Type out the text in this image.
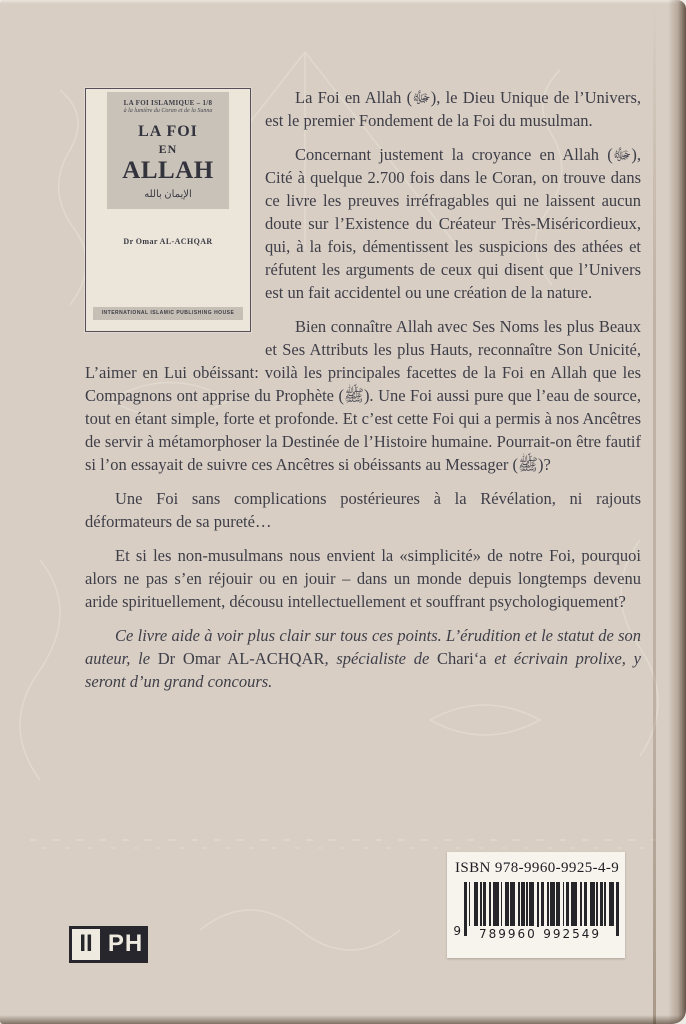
LA FOI ISLAMIQUE – 1/8
à la lumière du Coran et de la Sunna
LA FOI
EN
ALLAH
الإيمان بالله
Dr Omar AL-ACHQAR
INTERNATIONAL ISLAMIC PUBLISHING HOUSE

La Foi en Allah (ﷻ), le Dieu Unique de l’Univers, est le premier Fondement de la Foi du musulman.

Concernant justement la croyance en Allah (ﷻ), Cité à quelque 2.700 fois dans le Coran, on trouve dans ce livre les preuves irréfragables qui ne laissent aucun doute sur l’Existence du Créateur Très-Miséricordieux, qui, à la fois, démentissent les suspicions des athées et réfutent les arguments de ceux qui disent que l’Univers est un fait accidentel ou une création de la nature.

Bien connaître Allah avec Ses Noms les plus Beaux et Ses Attributs les plus Hauts, reconnaître Son Unicité, L’aimer en Lui obéissant: voilà les principales facettes de la Foi en Allah que les Compagnons ont apprise du Prophète (ﷺ). Une Foi aussi pure que l’eau de source, tout en étant simple, forte et profonde. Et c’est cette Foi qui a permis à nos Ancêtres de servir à métamorphoser la Destinée de l’Histoire humaine. Pourrait-on être fautif si l’on essayait de suivre ces Ancêtres si obéissants au Messager (ﷺ)?

Une Foi sans complications postérieures à la Révélation, ni rajouts déformateurs de sa pureté…

Et si les non-musulmans nous envient la «simplicité» de notre Foi, pourquoi alors ne pas s’en réjouir ou en jouir – dans un monde depuis longtemps devenu aride spirituellement, décousu intellectuellement et souffrant psychologiquement?

Ce livre aide à voir plus clair sur tous ces points. L’érudition et le statut de son auteur, le Dr Omar AL-ACHQAR, spécialiste de Chari‘a et écrivain prolixe, y seront d’un grand concours.

II PH
ISBN 978-9960-9925-4-9
9 789960 992549
